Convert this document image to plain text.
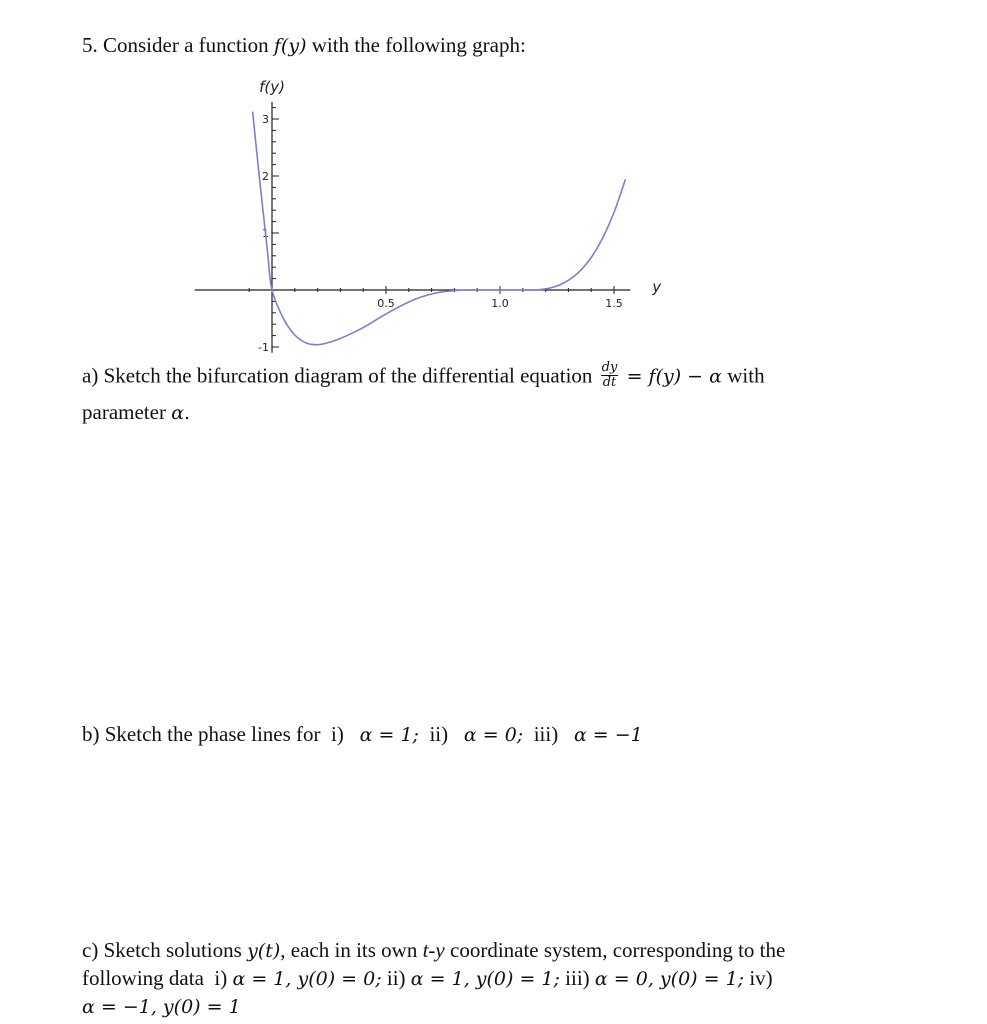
5. Consider a function f(y) with the following graph:
0.5	1.0	1.5
-1
1
2
3
f(y)
y
a) Sketch the bifurcation diagram of the differential equation $\frac{dy}{dt} = f(y) - \alpha$ with
parameter α.
b) Sketch the phase lines for i) α = 1; ii) α = 0; iii) α = −1
c) Sketch solutions y(t), each in its own t-y coordinate system, corresponding to the
following data i) α = 1, y(0) = 0; ii) α = 1, y(0) = 1; iii) α = 0, y(0) = 1; iv)
α = −1, y(0) = 1
